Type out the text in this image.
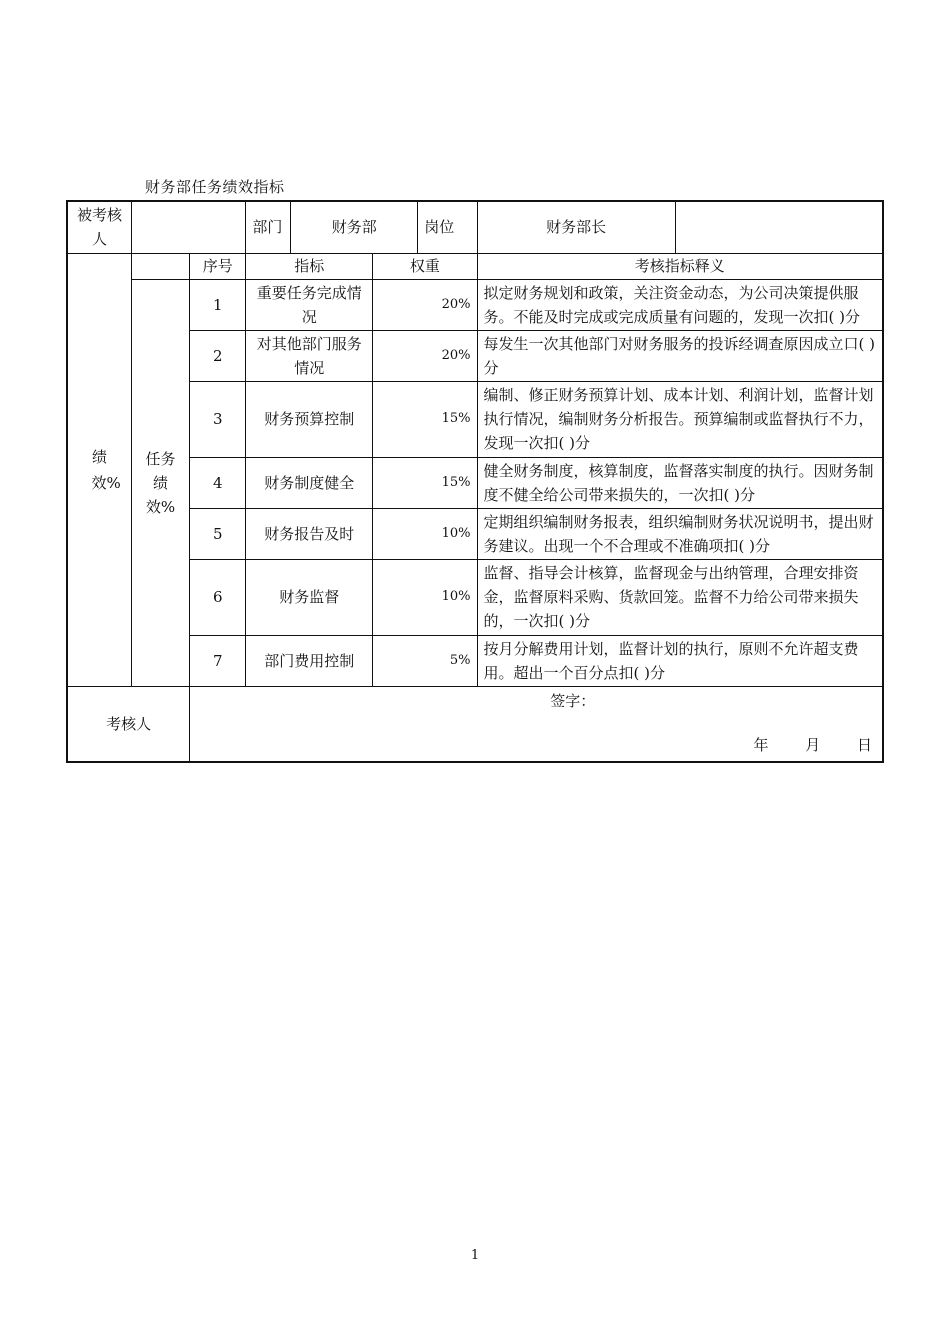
财务部任务绩效指标
被考核人			部门	财务部		岗位	财务部长	
绩效%		序号	指标		权重		考核指标释义	
	任务绩效%	1	重要任务完成情况		20%		拟定财务规划和政策，关注资金动态，为公司决策提供服务。不能及时完成或完成质量有问题的，发现一次扣( )分	
		2	对其他部门服务情况		20%		每发生一次其他部门对财务服务的投诉经调查原因成立口( )分	
		3	财务预算控制		15%		编制、修正财务预算计划、成本计划、利润计划，监督计划执行情况，编制财务分析报告。预算编制或监督执行不力，发现一次扣( )分	
		4	财务制度健全		15%		健全财务制度，核算制度，监督落实制度的执行。因财务制度不健全给公司带来损失的，一次扣( )分	
		5	财务报告及时		10%		定期组织编制财务报表，组织编制财务状况说明书，提出财务建议。出现一个不合理或不准确项扣( )分	
		6	财务监督		10%		监督、指导会计核算，监督现金与出纳管理，合理安排资金，监督原料采购、货款回笼。监督不力给公司带来损失的，一次扣( )分	
		7	部门费用控制		5%		按月分解费用计划，监督计划的执行，原则不允许超支费用。超出一个百分点扣( )分	
考核人		签字：
年 月 日						
1
